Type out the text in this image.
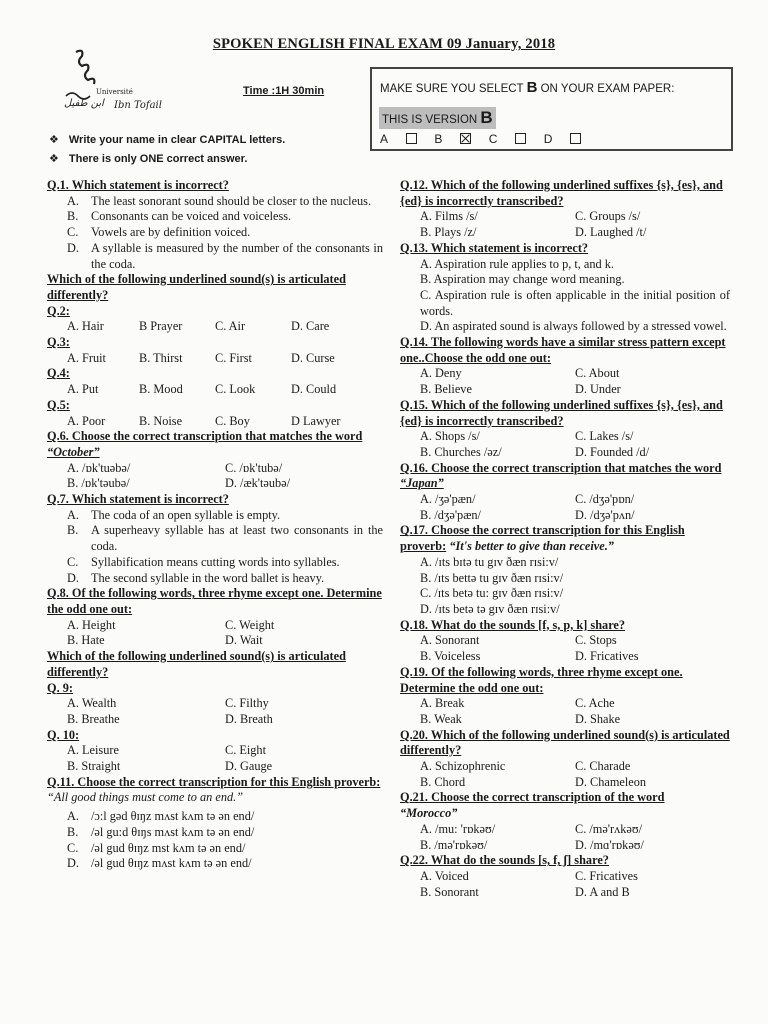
SPOKEN ENGLISH FINAL EXAM 09 January, 2018
Université
ابن طفيل Ibn Tofail
Time :1H 30min	MAKE SURE YOU SELECT B ON YOUR EXAM PAPER:
THIS IS VERSION B
A	B	C	D
❖ Write your name in clear CAPITAL letters.
❖ There is only ONE correct answer.
Q.1. Which statement is incorrect?
A. The least sonorant sound should be closer to the nucleus.
B.	Consonants can be voiced and voiceless.
C.	Vowels are by definition voiced.
D. A syllable is measured by the number of the consonants in the coda.
Which of the following underlined sound(s) is articulated differently?
Q.2:
A. Hair	B Prayer	C. Air	D. Care
Q.3:
A. Fruit	B. Thirst	C. First	D. Curse
Q.4:
A. Put	B. Mood	C. Look	D. Could
Q.5:
A. Poor	B. Noise	C. Boy	D Lawyer
Q.6. Choose the correct transcription that matches the word “October”
A. /ɒk'tuəbə/	C. /ɒk'tubə/
B. /ɒk'təubə/	D. /æk'təubə/
Q.7. Which statement is incorrect?
A. The coda of an open syllable is empty.
B.	A superheavy syllable has at least two consonants in the coda.
C.	Syllabification means cutting words into syllables.
D. The second syllable in the word ballet is heavy.
Q.8. Of the following words, three rhyme except one. Determine the odd one out:
A. Height	C. Weight
B. Hate	D. Wait
Which of the following underlined sound(s) is articulated differently?
Q. 9:
A. Wealth	C. Filthy
B. Breathe	D. Breath
Q. 10:
A. Leisure	C. Eight
B. Straight	D. Gauge
Q.11. Choose the correct transcription for this English proverb: “All good things must come to an end.”
A. /ɔ:l gəd θɪŋz mʌst kʌm tə ən end/
B.	/əl gu:d θɪŋs mʌst kʌm tə ən end/
C.	/əl gud θɪŋz mst kʌm tə ən end/
D. /əl gud θɪŋz mʌst kʌm tə ən end/
Q.12. Which of the following underlined suffixes {s}, {es}, and {ed} is incorrectly transcribed?
A. Films /s/	C. Groups /s/
B. Plays /z/	D. Laughed /t/
Q.13. Which statement is incorrect?
A. Aspiration rule applies to p, t, and k.
B. Aspiration may change word meaning.
C. Aspiration rule is often applicable in the initial position of words.
D. An aspirated sound is always followed by a stressed vowel.
Q.14. The following words have a similar stress pattern except one..Choose the odd one out:
A. Deny	C. About
B. Believe	D. Under
Q.15. Which of the following underlined suffixes {s}, {es}, and {ed} is incorrectly transcribed?
A. Shops /s/	C. Lakes /s/
B. Churches /əz/	D. Founded /d/
Q.16. Choose the correct transcription that matches the word “Japan”
A. /ʒə'pæn/	C. /dʒə'pɒn/
B. /dʒə'pæn/	D. /dʒə'pʌn/
Q.17. Choose the correct transcription for this English proverb: “It's better to give than receive.”
A. /ɪts bɪtə tu gɪv ðæn rɪsi:v/
B. /ɪts bettə tu gɪv ðæn rɪsi:v/
C. /ɪts betə tu: gɪv ðæn rɪsi:v/
D. /ɪts betə tə gɪv ðæn rɪsi:v/
Q.18. What do the sounds [f, s, p, k] share?
A. Sonorant	C. Stops
B. Voiceless	D. Fricatives
Q.19. Of the following words, three rhyme except one. Determine the odd one out:
A. Break	C. Ache
B. Weak	D. Shake
Q.20. Which of the following underlined sound(s) is articulated differently?
A. Schizophrenic	C. Charade
B. Chord	D. Chameleon
Q.21. Choose the correct transcription of the word
“Morocco”
A. /mu: 'rɒkəʊ/	C. /mə'rʌkəʊ/
B. /mə'rɒkəʊ/	D. /mɑ'rɒkəʊ/
Q.22. What do the sounds [s, f, ʃ] share?
A. Voiced	C. Fricatives
B. Sonorant	D. A and B
